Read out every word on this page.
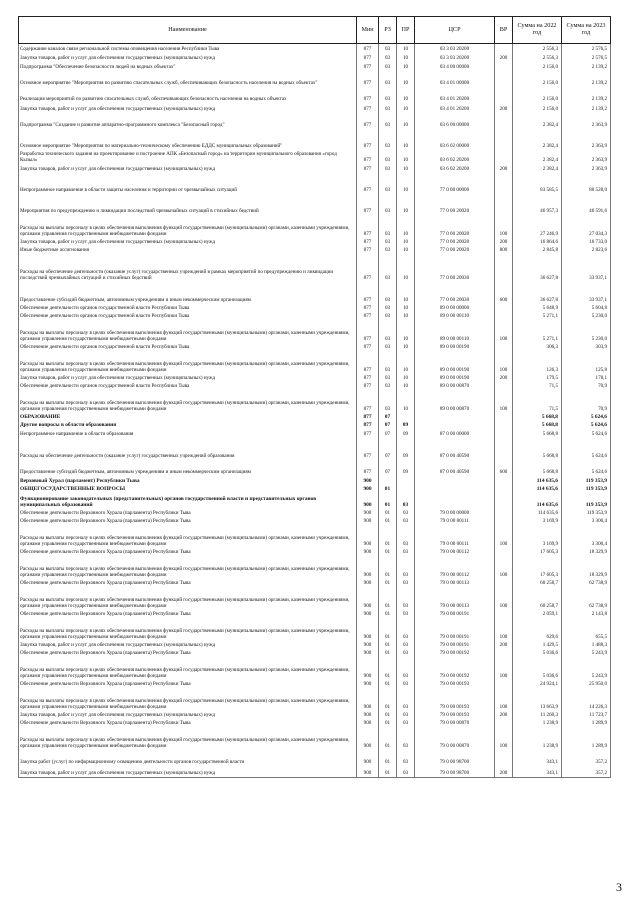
Наименование	Мин	РЗ	ПР	ЦСР	ВР	Сумма на 2022 год	Сумма на 2023 год
Содержание каналов связи региональной системы оповещения населения Республики Тыва	877	03	10	03 3 03 20200		2 556,3	2 576,5
Закупка товаров, работ и услуг для обеспечения государственных (муниципальных) нужд	877	03	10	03 3 03 20200	200	2 556,3	2 576,5
Подпрограмма "Обеспечение безопасности людей на водных объектах"	877	03	10	03 4 00 00000		2 156,0	2 139,2
Основное мероприятие "Мероприятия по развитию спасательных служб, обеспечивающих безопасность населения на водных объектах"	877	03	10	03 4 01 00000		2 156,0	2 139,2
Реализация мероприятий по развитию спасательных служб, обеспечивающих безопасность населения на водных объектах	877	03	10	03 4 01 20200		2 156,0	2 139,2
Закупка товаров, работ и услуг для обеспечения государственных (муниципальных) нужд	877	03	10	03 4 01 20200	200	2 156,0	2 139,2
Подпрограмма "Создание и развитие аппаратно-программного комплекса "Безопасный город"	877	03	10	03 6 00 00000		2 382,4	2 363,9
Основное мероприятие "Мероприятия по материально-техническому обеспечению ЕДДС муниципальных образований"	877	03	10	03 6 02 00000		2 382,4	2 363,9
Разработка технического задания на проектирование и построение АПК «Безопасный город» на территории муниципального образования «город Кызыл»	877	03	10	03 6 02 20200		2 382,4	2 363,9
Закупка товаров, работ и услуг для обеспечения государственных (муниципальных) нужд	877	03	10	03 6 02 20200	200	2 382,4	2 363,9
Непрограммное направление в области защиты населения и территории от чрезвычайных ситуаций	877	03	10	77 0 00 00000		83 585,5	80 528,0
Мероприятия по предупреждению и ликвидации последствий чрезвычайных ситуаций в стихийных бедствий	877	03	10	77 0 00 20020		46 957,3	46 591,6
Расходы на выплаты персоналу в целях обеспечения выполнения функций государственными (муниципальными) органами, казенными учреждениями, органами управления государственными внебюджетными фондами	877	03	10	77 0 00 20020	100	27 246,9	27 034,3
Закупка товаров, работ и услуг для обеспечения государственных (муниципальных) нужд	877	03	10	77 0 00 20020	200	16 864,6	16 733,0
Иные бюджетные ассигнования	877	03	10	77 0 00 20020	800	2 845,8	2 823,6
Расходы на обеспечение деятельности (оказание услуг) государственных учреждений в рамках мероприятий по предупреждению и ликвидации последствий чрезвычайных ситуаций и стихийных бедствий	877	03	10	77 0 00 20030		36 627,8	33 937,1
Предоставление субсидий бюджетным, автономным учреждениям и иным некоммерческим организациям	877	03	10	77 0 00 20030	600	36 627,8	33 937,1
Обеспечение деятельности органов государственной власти Республики Тыва	877	03	10	89 0 00 00000		5 648,9	5 604,8
Обеспечение деятельности органов государственной власти Республики Тыва	877	03	10	89 0 00 00110		5 271,1	5 230,0
Расходы на выплаты персоналу в целях обеспечения выполнения функций государственными (муниципальными) органами, казенными учреждениями, органами управления государственными внебюджетными фондами	877	03	10	89 0 00 00110	100	5 271,1	5 230,0
Обеспечение деятельности органов государственной власти Республики Тыва	877	03	10	89 0 00 00190		306,3	303,9
Расходы на выплаты персоналу в целях обеспечения выполнения функций государственными (муниципальными) органами, казенными учреждениями, органами управления государственными внебюджетными фондами	877	03	10	89 0 00 00190	100	126,3	125,8
Закупка товаров, работ и услуг для обеспечения государственных (муниципальных) нужд	877	03	10	89 0 00 00190	200	179,5	178,1
Обеспечение деятельности органов государственной власти Республики Тыва	877	03	10	89 0 00 00870		71,5	70,9
Расходы на выплаты персоналу в целях обеспечения выполнения функций государственными (муниципальными) органами, казенными учреждениями, органами управления государственными внебюджетными фондами	877	03	10	89 0 00 00870	100	71,5	70,9
ОБРАЗОВАНИЕ	877	07				5 668,8	5 624,6
Другие вопросы в области образования	877	07	09			5 668,8	5 624,6
Непрограммное направление в области образования	877	07	09	87 0 00 00000		5 668,8	5 624,6
Расходы на обеспечение деятельности (оказание услуг) государственных учреждений образования	877	07	09	87 0 00 40590		5 668,8	5 624,6
Предоставление субсидий бюджетным, автономным учреждениям и иным некоммерческим организациям	877	07	09	87 0 00 40590	600	5 668,8	5 624,6
Верховный Хурал (парламент) Республики Тыва	900					114 635,6	119 353,9
ОБЩЕГОСУДАРСТВЕННЫЕ ВОПРОСЫ	900	01				114 635,6	119 353,9
Функционирование законодательных (представительных) органов государственной власти и представительных органов муниципальных образований	900	01	03			114 635,6	119 353,9
Обеспечение деятельности Верховного Хурала (парламента) Республики Тыва	900	01	03	79 0 00 00000		114 635,6	119 353,9
Обеспечение деятельности Верховного Хурала (парламента) Республики Тыва	900	01	03	79 0 00 00111		3 169,9	3 300,4
Расходы на выплаты персоналу в целях обеспечения выполнения функций государственными (муниципальными) органами, казенными учреждениями, органами управления государственными внебюджетными фондами	900	01	03	79 0 00 00111	100	3 169,9	3 300,4
Обеспечение деятельности Верховного Хурала (парламента) Республики Тыва	900	01	03	79 0 00 00112		17 605,3	18 329,9
Расходы на выплаты персоналу в целях обеспечения выполнения функций государственными (муниципальными) органами, казенными учреждениями, органами управления государственными внебюджетными фондами	900	01	03	79 0 00 00112	100	17 605,3	18 329,9
Обеспечение деятельности Верховного Хурала (парламента) Республики Тыва	900	01	03	79 0 00 00113		60 258,7	62 738,9
Расходы на выплаты персоналу в целях обеспечения выполнения функций государственными (муниципальными) органами, казенными учреждениями, органами управления государственными внебюджетными фондами	900	01	03	79 0 00 00113	100	60 258,7	62 738,9
Обеспечение деятельности Верховного Хурала (парламента) Республики Тыва	900	01	03	79 0 00 00191		2 059,1	2 143,8
Расходы на выплаты персоналу в целях обеспечения выполнения функций государственными (муниципальными) органами, казенными учреждениями, органами управления государственными внебюджетными фондами	900	01	03	79 0 00 00191	100	629,6	655,5
Закупка товаров, работ и услуг для обеспечения государственных (муниципальных) нужд	900	01	03	79 0 00 00191	200	1 429,5	1 488,3
Обеспечение деятельности Верховного Хурала (парламента) Республики Тыва	900	01	03	79 0 00 00192		5 036,6	5 243,9
Расходы на выплаты персоналу в целях обеспечения выполнения функций государственными (муниципальными) органами, казенными учреждениями, органами управления государственными внебюджетными фондами	900	01	03	79 0 00 00192	100	5 036,6	5 243,9
Обеспечение деятельности Верховного Хурала (парламента) Республики Тыва	900	01	03	79 0 00 00193		24 924,1	25 950,0
Расходы на выплаты персоналу в целях обеспечения выполнения функций государственными (муниципальными) органами, казенными учреждениями, органами управления государственными внебюджетными фондами	900	01	03	79 0 00 00193	100	13 663,9	14 226,3
Закупка товаров, работ и услуг для обеспечения государственных (муниципальных) нужд	900	01	03	79 0 00 00193	200	11 260,3	11 723,7
Обеспечение деятельности Верховного Хурала (парламента) Республики Тыва	900	01	03	79 0 00 00870		1 238,9	1 289,9
Расходы на выплаты персоналу в целях обеспечения выполнения функций государственными (муниципальными) органами, казенными учреждениями, органами управления государственными внебюджетными фондами	900	01	03	79 0 00 00870	100	1 238,9	1 289,9
Закупка работ (услуг) по информационному освещению деятельности органов государственной власти	900	01	03	79 0 00 98700		343,1	357,2
Закупка товаров, работ и услуг для обеспечения государственных (муниципальных) нужд	900	01	03	79 0 00 98700	200	343,1	357,2
3
